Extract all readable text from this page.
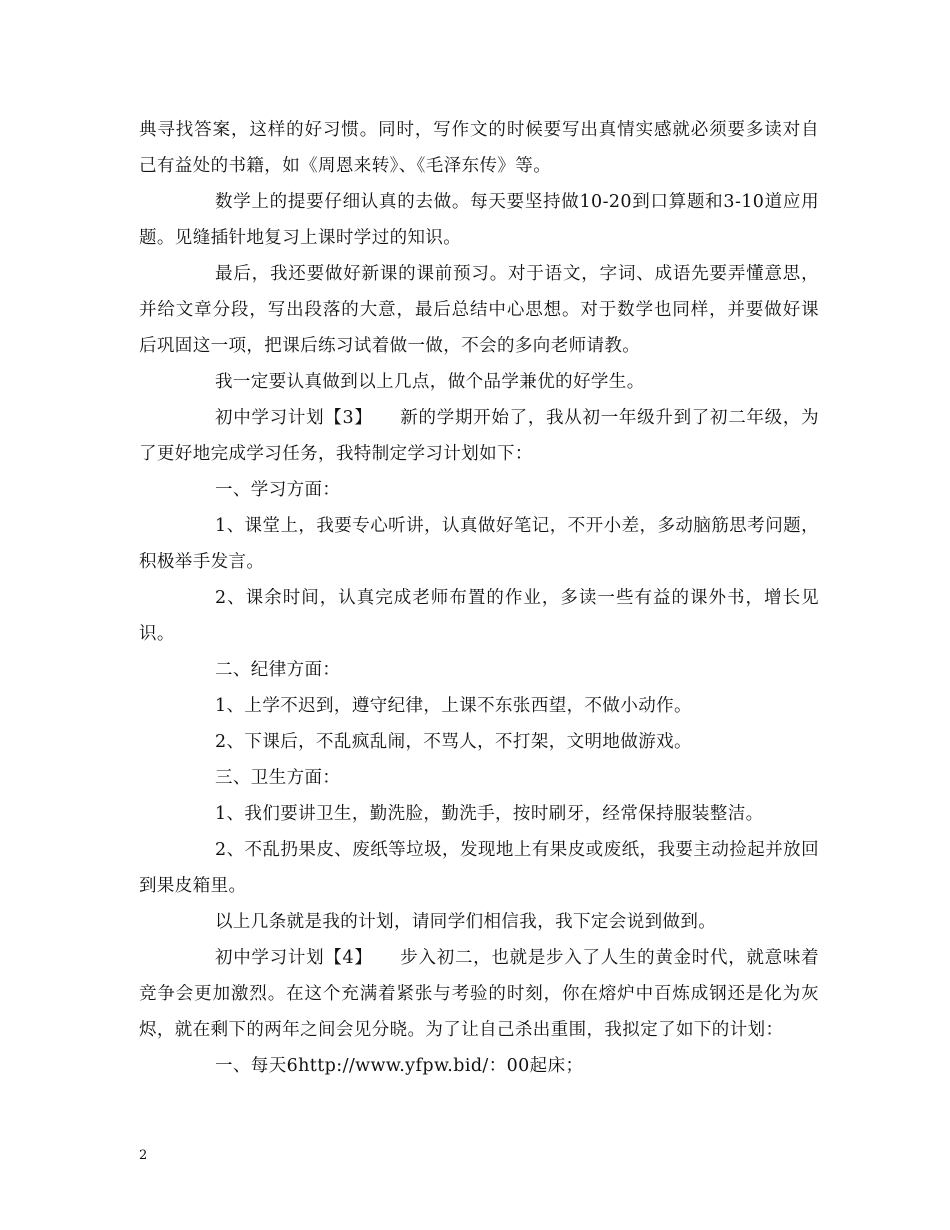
典寻找答案，这样的好习惯。同时，写作文的时候要写出真情实感就必须要多读对自己有益处的书籍，如《周恩来转》、《毛泽东传》等。

数学上的提要仔细认真的去做。每天要坚持做10-20到口算题和3-10道应用题。见缝插针地复习上课时学过的知识。

最后，我还要做好新课的课前预习。对于语文，字词、成语先要弄懂意思，并给文章分段，写出段落的大意，最后总结中心思想。对于数学也同样，并要做好课后巩固这一项，把课后练习试着做一做，不会的多向老师请教。

我一定要认真做到以上几点，做个品学兼优的好学生。

初中学习计划【3】　　新的学期开始了，我从初一年级升到了初二年级，为了更好地完成学习任务，我特制定学习计划如下：

一、学习方面：

1、课堂上，我要专心听讲，认真做好笔记，不开小差，多动脑筋思考问题，积极举手发言。

2、课余时间，认真完成老师布置的作业，多读一些有益的课外书，增长见识。

二、纪律方面：

1、上学不迟到，遵守纪律，上课不东张西望，不做小动作。

2、下课后，不乱疯乱闹，不骂人，不打架，文明地做游戏。

三、卫生方面：

1、我们要讲卫生，勤洗脸，勤洗手，按时刷牙，经常保持服装整洁。

2、不乱扔果皮、废纸等垃圾，发现地上有果皮或废纸，我要主动捡起并放回到果皮箱里。

以上几条就是我的计划，请同学们相信我，我下定会说到做到。

初中学习计划【4】　　步入初二，也就是步入了人生的黄金时代，就意味着竞争会更加激烈。在这个充满着紧张与考验的时刻，你在熔炉中百炼成钢还是化为灰烬，就在剩下的两年之间会见分晓。为了让自己杀出重围，我拟定了如下的计划：

一、每天6http://www.yfpw.bid/：00起床；

2
